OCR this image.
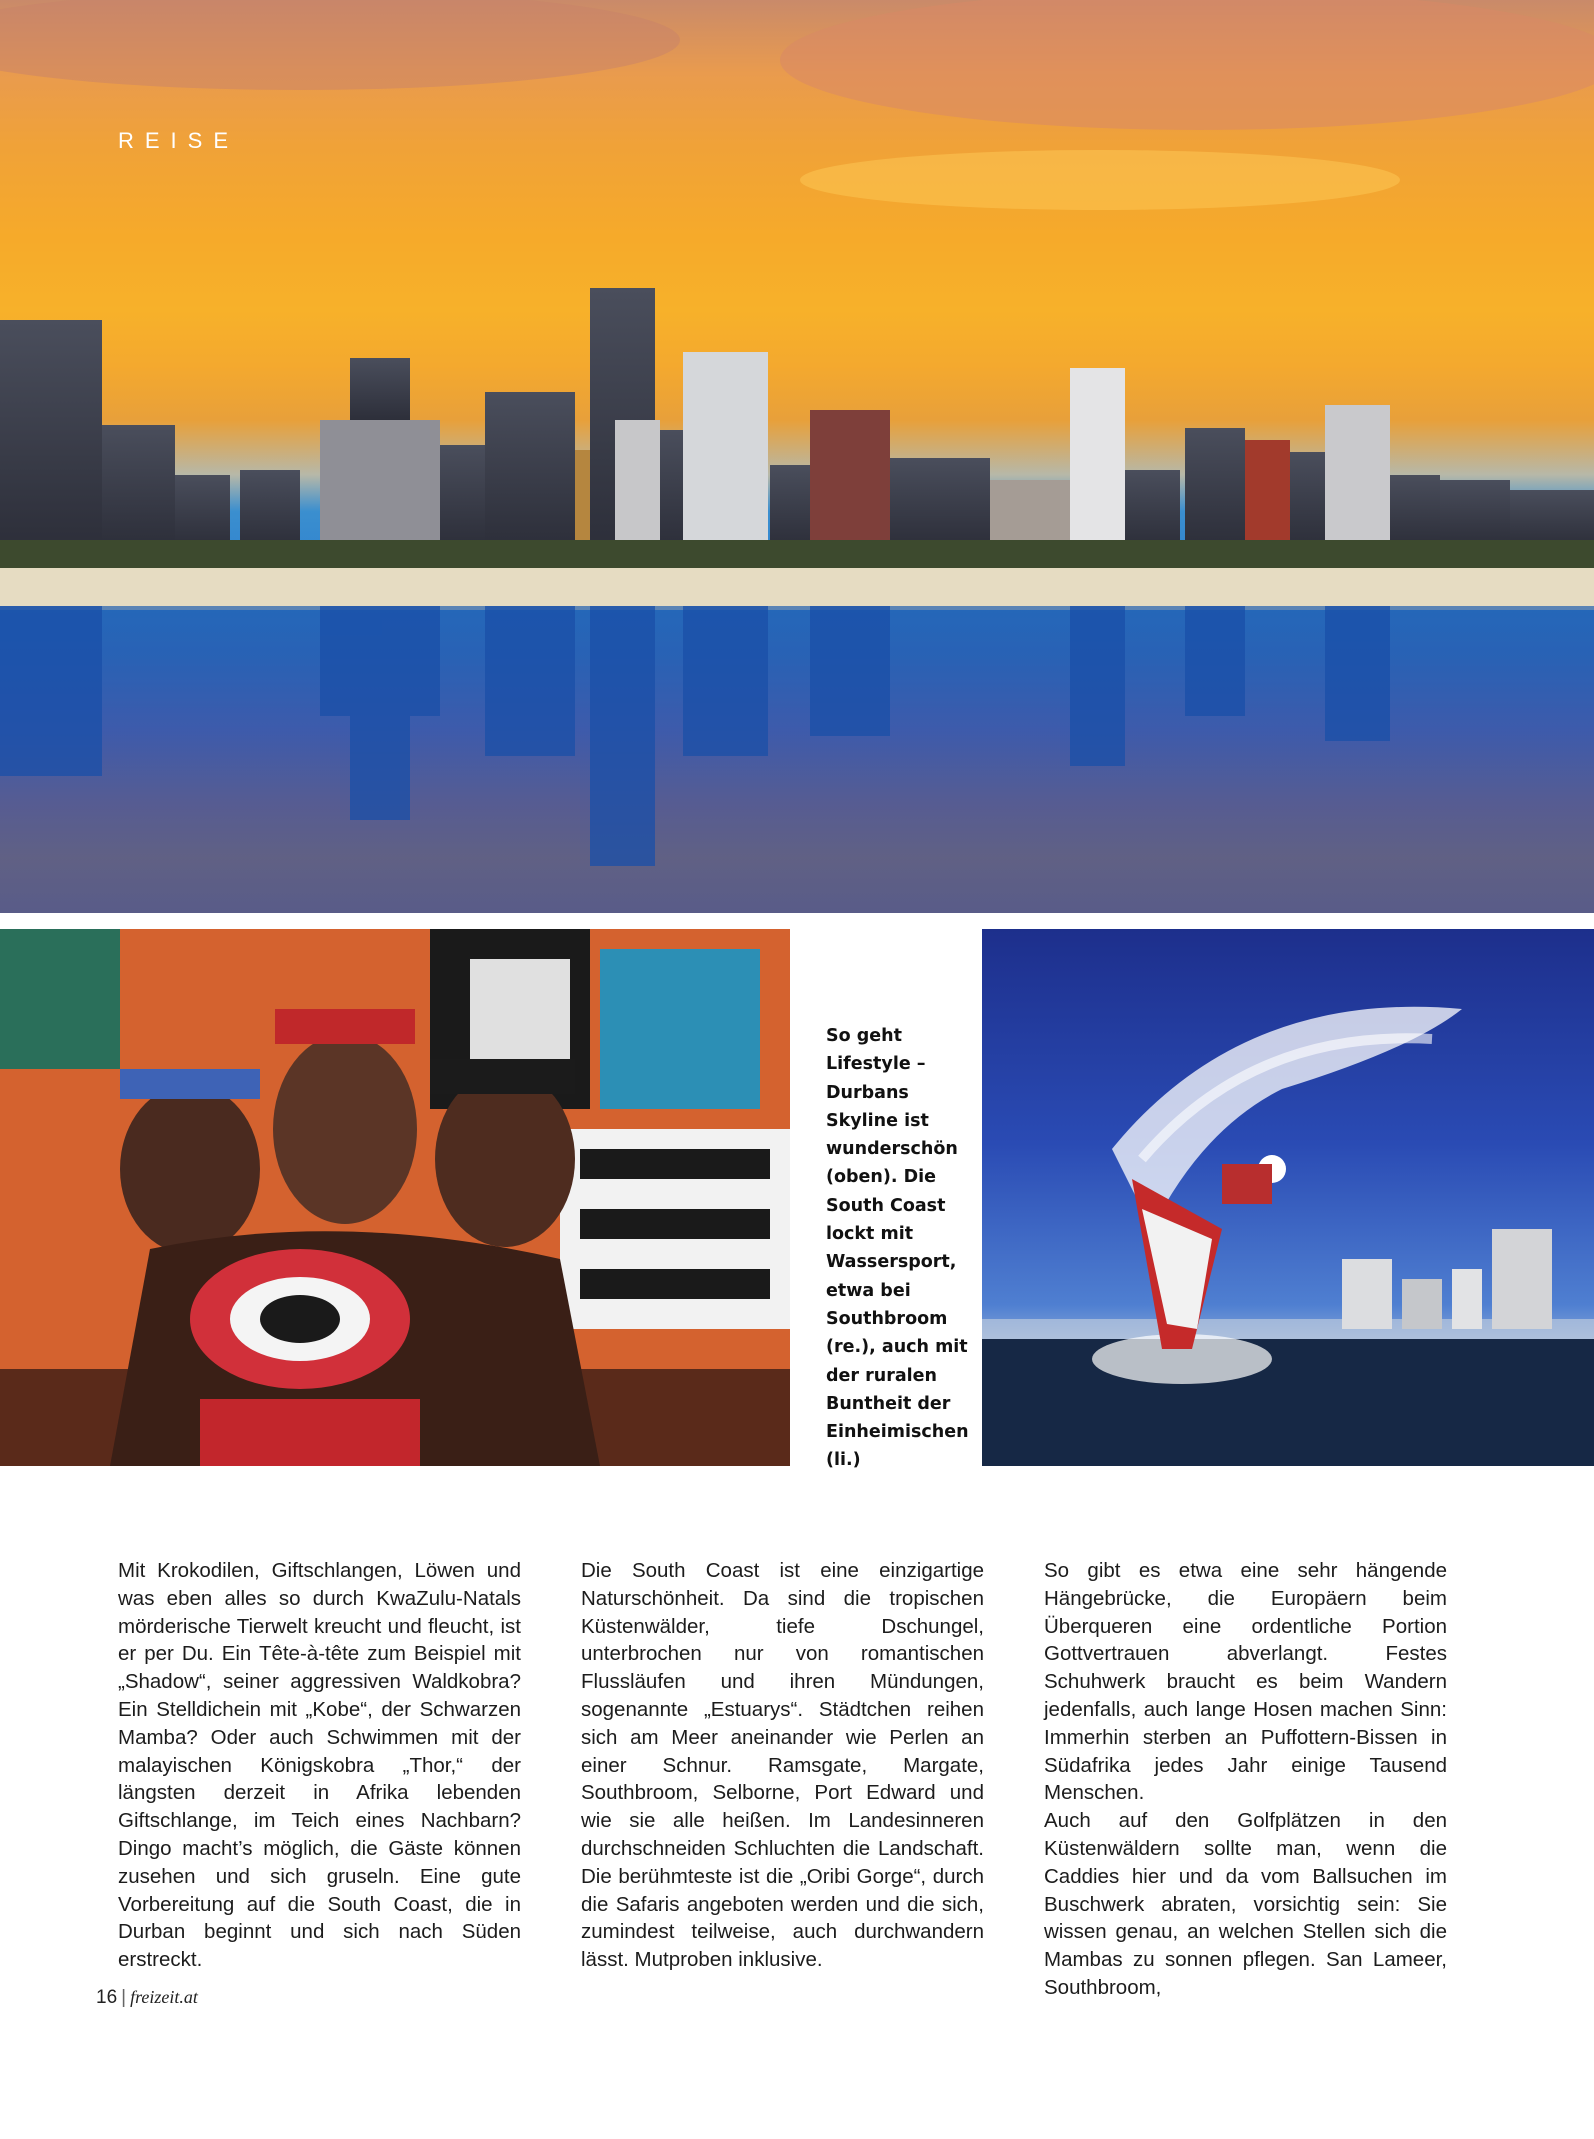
REISE

So geht Lifestyle – Durbans Skyline ist wunderschön (oben). Die South Coast lockt mit Wassersport, etwa bei Southbroom (re.), auch mit der ruralen Buntheit der Einheimischen (li.)

Mit Krokodilen, Giftschlangen, Löwen und was eben alles so durch KwaZulu-Natals mörderische Tierwelt kreucht und fleucht, ist er per Du. Ein Tête-à-tête zum Beispiel mit „Shadow“, seiner aggressiven Waldkobra? Ein Stelldichein mit „Kobe“, der Schwarzen Mamba? Oder auch Schwimmen mit der malayischen Königskobra „Thor,“ der längsten derzeit in Afrika lebenden Giftschlange, im Teich eines Nachbarn? Dingo macht’s möglich, die Gäste können zusehen und sich gruseln. Eine gute Vorbereitung auf die South Coast, die in Durban beginnt und sich nach Süden erstreckt.

Die South Coast ist eine einzigartige Naturschönheit. Da sind die tropischen Küstenwälder, tiefe Dschungel, unterbrochen nur von romantischen Flussläufen und ihren Mündungen, sogenannte „Estuarys“. Städtchen reihen sich am Meer aneinander wie Perlen an einer Schnur. Ramsgate, Margate, Southbroom, Selborne, Port Edward und wie sie alle heißen. Im Landesinneren durchschneiden Schluchten die Landschaft. Die berühmteste ist die „Oribi Gorge“, durch die Safaris angeboten werden und die sich, zumindest teilweise, auch durchwandern lässt. Mutproben inklusive.

So gibt es etwa eine sehr hängende Hängebrücke, die Europäern beim Überqueren eine ordentliche Portion Gottvertrauen abverlangt. Festes Schuhwerk braucht es beim Wandern jedenfalls, auch lange Hosen machen Sinn: Immerhin sterben an Puffottern-Bissen in Südafrika jedes Jahr einige Tausend Menschen.

Auch auf den Golfplätzen in den Küstenwäldern sollte man, wenn die Caddies hier und da vom Ballsuchen im Buschwerk abraten, vorsichtig sein: Sie wissen genau, an welchen Stellen sich die Mambas zu sonnen pflegen. San Lameer, Southbroom,

16 | freizeit.at
